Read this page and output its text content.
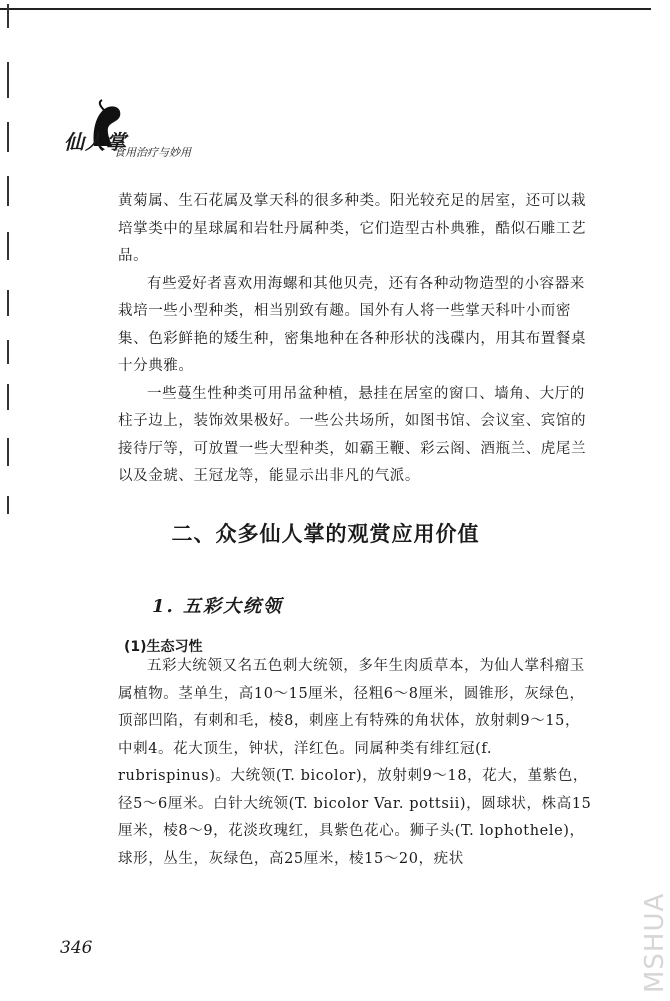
仙人掌
食用治疗与妙用

黄菊属、生石花属及掌天科的很多种类。阳光较充足的居室，还可以栽培掌类中的星球属和岩牡丹属种类，它们造型古朴典雅，酷似石雕工艺品。

有些爱好者喜欢用海螺和其他贝壳，还有各种动物造型的小容器来栽培一些小型种类，相当别致有趣。国外有人将一些掌天科叶小而密集、色彩鲜艳的矮生种，密集地种在各种形状的浅碟内，用其布置餐桌十分典雅。

一些蔓生性种类可用吊盆种植，悬挂在居室的窗口、墙角、大厅的柱子边上，装饰效果极好。一些公共场所，如图书馆、会议室、宾馆的接待厅等，可放置一些大型种类，如霸王鞭、彩云阁、酒瓶兰、虎尾兰以及金琥、王冠龙等，能显示出非凡的气派。

二、众多仙人掌的观赏应用价值
1. 五彩大统领
(1)生态习性

五彩大统领又名五色刺大统领，多年生肉质草本，为仙人掌科瘤玉属植物。茎单生，高10～15厘米，径粗6～8厘米，圆锥形，灰绿色，顶部凹陷，有刺和毛，棱8，刺座上有特殊的角状体，放射刺9～15，中刺4。花大顶生，钟状，洋红色。同属种类有绯红冠(f. rubrispinus)。大统领(T. bicolor)，放射刺9～18，花大，堇紫色，径5～6厘米。白针大统领(T. bicolor Var. pottsii)，圆球状，株高15厘米，棱8～9，花淡玫瑰红，具紫色花心。狮子头(T. lophothele)，球形，丛生，灰绿色，高25厘米，棱15～20，疣状

346	MSHUA
